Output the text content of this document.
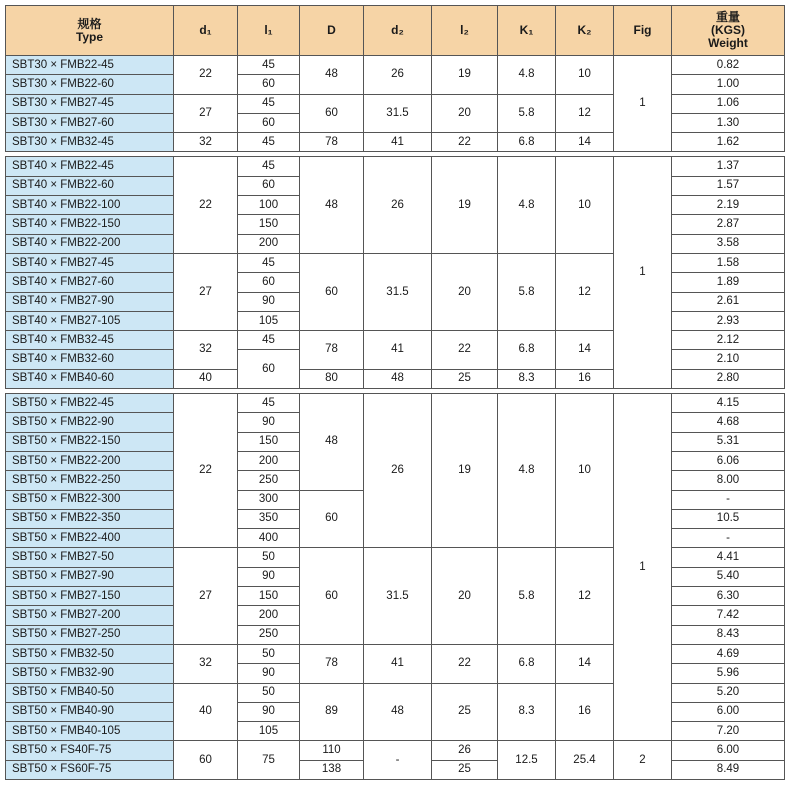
规格
Type	d₁	l₁	D	d₂	l₂	K₁	K₂	Fig	重量
(KGS)
Weight
SBT30 × FMB22-45	22	45	48	26	19	4.8	10	1	0.82
SBT30 × FMB22-60		60							1.00
SBT30 × FMB27-45	27	45	60	31.5	20	5.8	12		1.06
SBT30 × FMB27-60		60							1.30
SBT30 × FMB32-45	32	45	78	41	22	6.8	14		1.62

SBT40 × FMB22-45	22	45	48	26	19	4.8	10	1	1.37
SBT40 × FMB22-60		60							1.57
SBT40 × FMB22-100		100							2.19
SBT40 × FMB22-150		150							2.87
SBT40 × FMB22-200		200							3.58
SBT40 × FMB27-45	27	45	60	31.5	20	5.8	12		1.58
SBT40 × FMB27-60		60							1.89
SBT40 × FMB27-90		90							2.61
SBT40 × FMB27-105		105							2.93
SBT40 × FMB32-45	32	45	78	41	22	6.8	14		2.12
SBT40 × FMB32-60		60							2.10
SBT40 × FMB40-60	40		80	48	25	8.3	16		2.80

SBT50 × FMB22-45	22	45	48	26	19	4.8	10	1	4.15
SBT50 × FMB22-90		90							4.68
SBT50 × FMB22-150		150							5.31
SBT50 × FMB22-200		200							6.06
SBT50 × FMB22-250		250							8.00
SBT50 × FMB22-300		300	60						-
SBT50 × FMB22-350		350							10.5
SBT50 × FMB22-400		400							-
SBT50 × FMB27-50	27	50	60	31.5	20	5.8	12		4.41
SBT50 × FMB27-90		90							5.40
SBT50 × FMB27-150		150							6.30
SBT50 × FMB27-200		200							7.42
SBT50 × FMB27-250		250							8.43
SBT50 × FMB32-50	32	50	78	41	22	6.8	14		4.69
SBT50 × FMB32-90		90							5.96
SBT50 × FMB40-50	40	50	89	48	25	8.3	16		5.20
SBT50 × FMB40-90		90							6.00
SBT50 × FMB40-105		105							7.20
SBT50 × FS40F-75	60	75	110	-	26	12.5	25.4	2	6.00
SBT50 × FS60F-75			138		25				8.49
